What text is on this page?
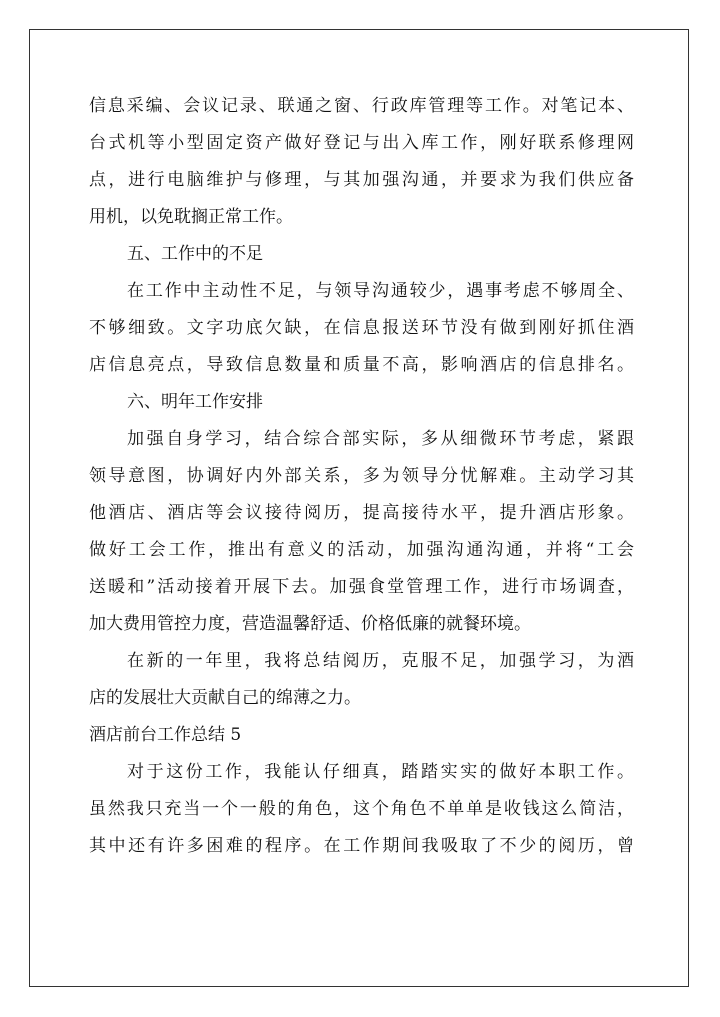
信息采编、会议记录、联通之窗、行政库管理等工作。对笔记本、
台式机等小型固定资产做好登记与出入库工作，刚好联系修理网
点，进行电脑维护与修理，与其加强沟通，并要求为我们供应备
用机，以免耽搁正常工作。
五、工作中的不足
在工作中主动性不足，与领导沟通较少，遇事考虑不够周全、
不够细致。文字功底欠缺，在信息报送环节没有做到刚好抓住酒
店信息亮点，导致信息数量和质量不高，影响酒店的信息排名。
六、明年工作安排
加强自身学习，结合综合部实际，多从细微环节考虑，紧跟
领导意图，协调好内外部关系，多为领导分忧解难。主动学习其
他酒店、酒店等会议接待阅历，提高接待水平，提升酒店形象。
做好工会工作，推出有意义的活动，加强沟通沟通，并将“工会
送暖和”活动接着开展下去。加强食堂管理工作，进行市场调查，
加大费用管控力度，营造温馨舒适、价格低廉的就餐环境。
在新的一年里，我将总结阅历，克服不足，加强学习，为酒
店的发展壮大贡献自己的绵薄之力。
酒店前台工作总结 5
对于这份工作，我能认仔细真，踏踏实实的做好本职工作。
虽然我只充当一个一般的角色，这个角色不单单是收钱这么简洁，
其中还有许多困难的程序。在工作期间我吸取了不少的阅历，曾
